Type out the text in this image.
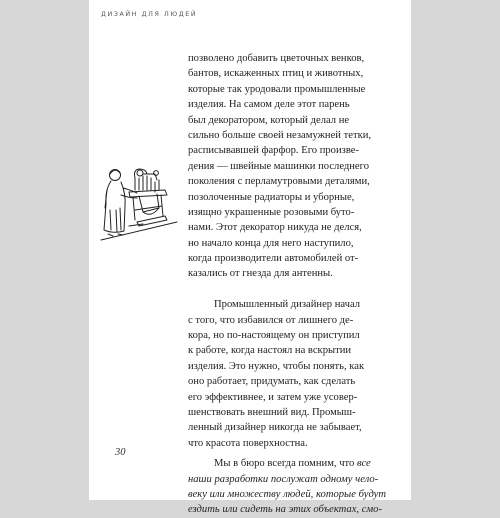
ДИЗАЙН ДЛЯ ЛЮДЕЙ
позволено добавить цветочных венков,
бантов, искаженных птиц и животных,
которые так уродовали промышленные
изделия. На самом деле этот парень
был декоратором, который делал не
сильно больше своей незамужней тетки,
расписывавшей фарфор. Его произве-
дения — швейные машинки последнего
поколения с перламутровыми деталями,
позолоченные радиаторы и уборные,
изящно украшенные розовыми буто-
нами. Этот декоратор никуда не делся,
но начало конца для него наступило,
когда производители автомобилей от-
казались от гнезда для антенны.
Промышленный дизайнер начал
с того, что избавился от лишнего де-
кора, но по-настоящему он приступил
к работе, когда настоял на вскрытии
изделия. Это нужно, чтобы понять, как
оно работает, придумать, как сделать
его эффективнее, и затем уже усовер-
шенствовать внешний вид. Промыш-
ленный дизайнер никогда не забывает,
что красота поверхностна.
Мы в бюро всегда помним, что все
наши разработки послужат одному чело-
веку или множеству людей, которые будут
ездить или сидеть на этих объектах, смо-
30
